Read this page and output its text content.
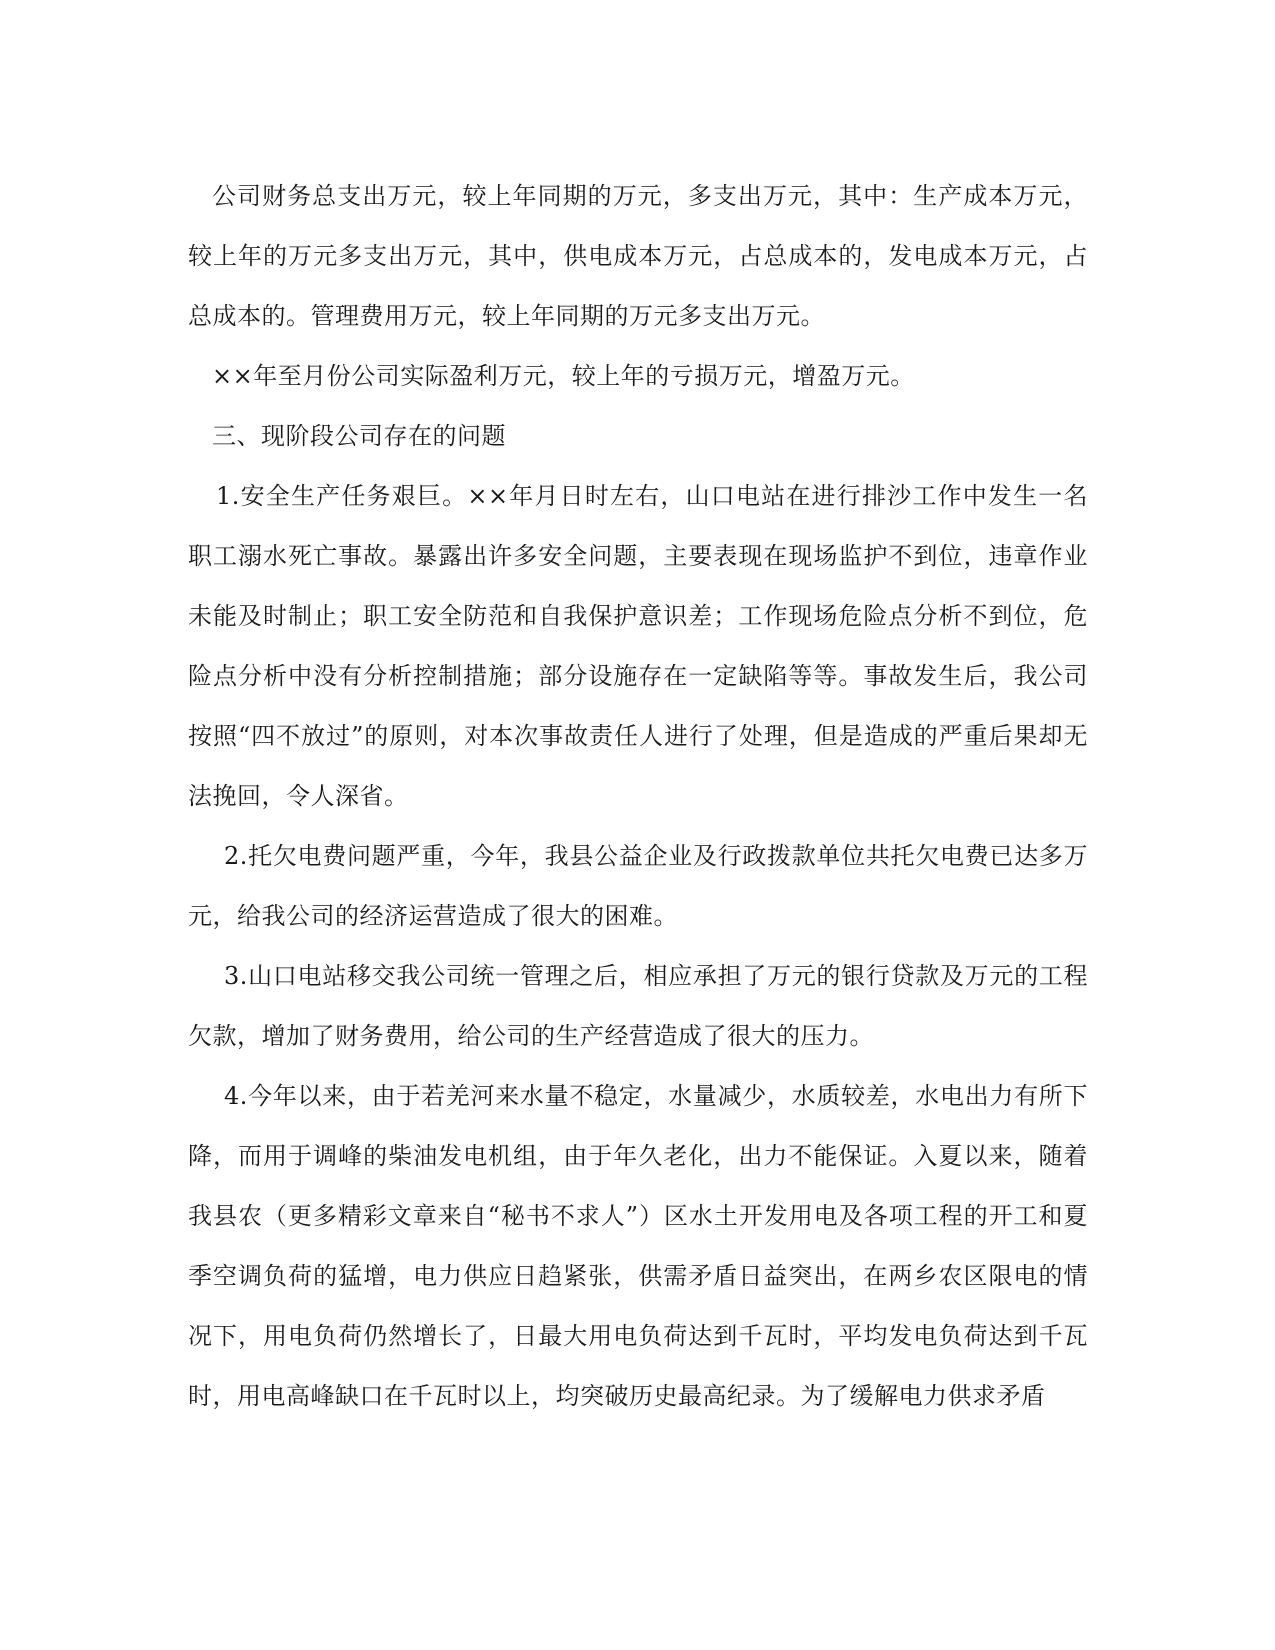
公司财务总支出万元，较上年同期的万元，多支出万元，其中：生产成本万元，较上年的万元多支出万元，其中，供电成本万元，占总成本的，发电成本万元，占总成本的。管理费用万元，较上年同期的万元多支出万元。

××年至月份公司实际盈利万元，较上年的亏损万元，增盈万元。

三、现阶段公司存在的问题

1.安全生产任务艰巨。××年月日时左右，山口电站在进行排沙工作中发生一名职工溺水死亡事故。暴露出许多安全问题，主要表现在现场监护不到位，违章作业未能及时制止；职工安全防范和自我保护意识差；工作现场危险点分析不到位，危险点分析中没有分析控制措施；部分设施存在一定缺陷等等。事故发生后，我公司按照“四不放过”的原则，对本次事故责任人进行了处理，但是造成的严重后果却无法挽回，令人深省。

2.托欠电费问题严重，今年，我县公益企业及行政拨款单位共托欠电费已达多万元，给我公司的经济运营造成了很大的困难。

3.山口电站移交我公司统一管理之后，相应承担了万元的银行贷款及万元的工程欠款，增加了财务费用，给公司的生产经营造成了很大的压力。

4.今年以来，由于若羌河来水量不稳定，水量减少，水质较差，水电出力有所下降，而用于调峰的柴油发电机组，由于年久老化，出力不能保证。入夏以来，随着我县农（更多精彩文章来自“秘书不求人”）区水土开发用电及各项工程的开工和夏季空调负荷的猛增，电力供应日趋紧张，供需矛盾日益突出，在两乡农区限电的情况下，用电负荷仍然增长了，日最大用电负荷达到千瓦时，平均发电负荷达到千瓦时，用电高峰缺口在千瓦时以上，均突破历史最高纪录。为了缓解电力供求矛盾
